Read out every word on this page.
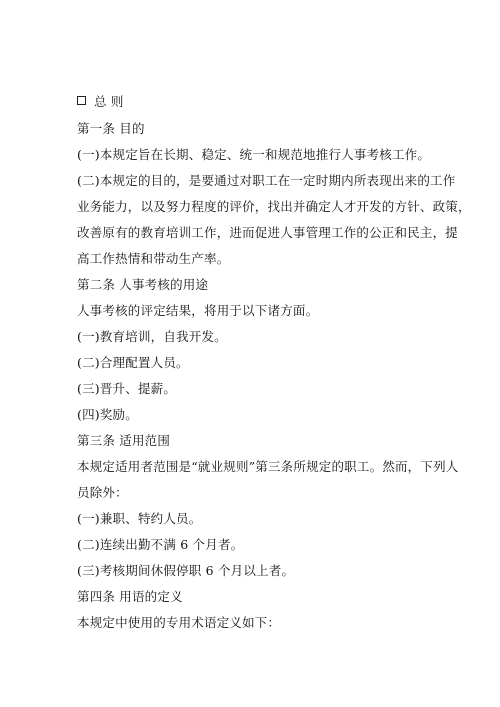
总 则
第一条 目的
(一)本规定旨在长期、稳定、统一和规范地推行人事考核工作。
(二)本规定的目的，是要通过对职工在一定时期内所表现出来的工作
业务能力，以及努力程度的评价，找出并确定人才开发的方针、政策，
改善原有的教育培训工作，进而促进人事管理工作的公正和民主，提
高工作热情和带动生产率。
第二条 人事考核的用途
人事考核的评定结果，将用于以下诸方面。
(一)教育培训，自我开发。
(二)合理配置人员。
(三)晋升、提薪。
(四)奖励。
第三条 适用范围
本规定适用者范围是“就业规则”第三条所规定的职工。然而，下列人
员除外：
(一)兼职、特约人员。
(二)连续出勤不满 6 个月者。
(三)考核期间休假停职 6 个月以上者。
第四条 用语的定义
本规定中使用的专用术语定义如下：
